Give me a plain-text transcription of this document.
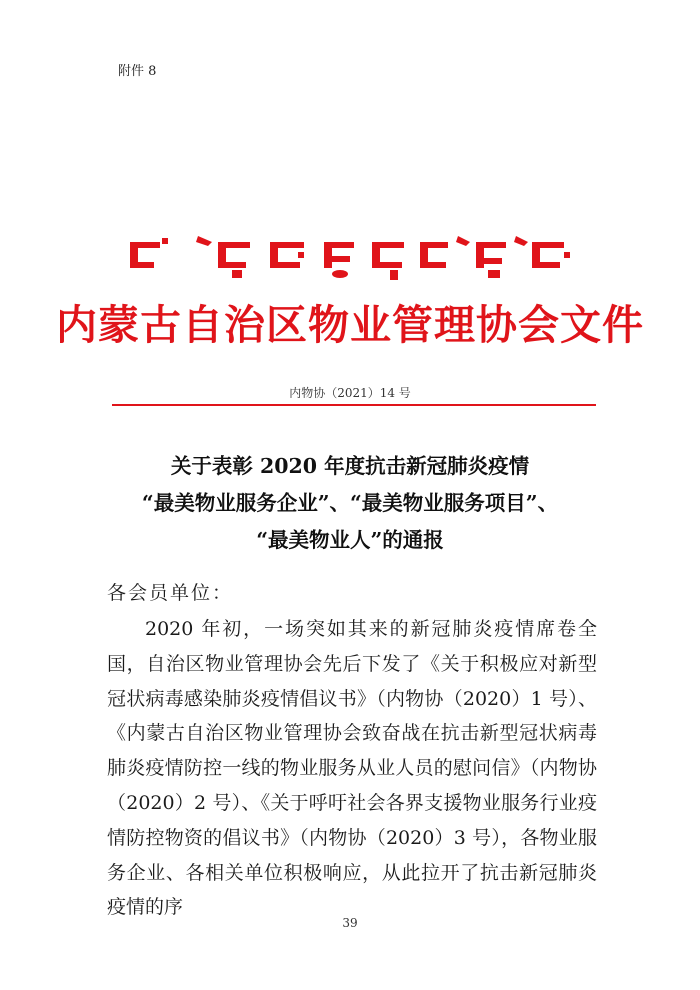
附件 8
内蒙古自治区物业管理协会文件
内物协（2021）14 号
关于表彰 2020 年度抗击新冠肺炎疫情
“最美物业服务企业”、“最美物业服务项目”、
“最美物业人”的通报
各会员单位：
2020 年初，一场突如其来的新冠肺炎疫情席卷全国，自治区物业管理协会先后下发了《关于积极应对新型冠状病毒感染肺炎疫情倡议书》（内物协（2020）1 号）、《内蒙古自治区物业管理协会致奋战在抗击新型冠状病毒肺炎疫情防控一线的物业服务从业人员的慰问信》（内物协（2020）2 号）、《关于呼吁社会各界支援物业服务行业疫情防控物资的倡议书》（内物协（2020）3 号），各物业服务企业、各相关单位积极响应，从此拉开了抗击新冠肺炎疫情的序
39
